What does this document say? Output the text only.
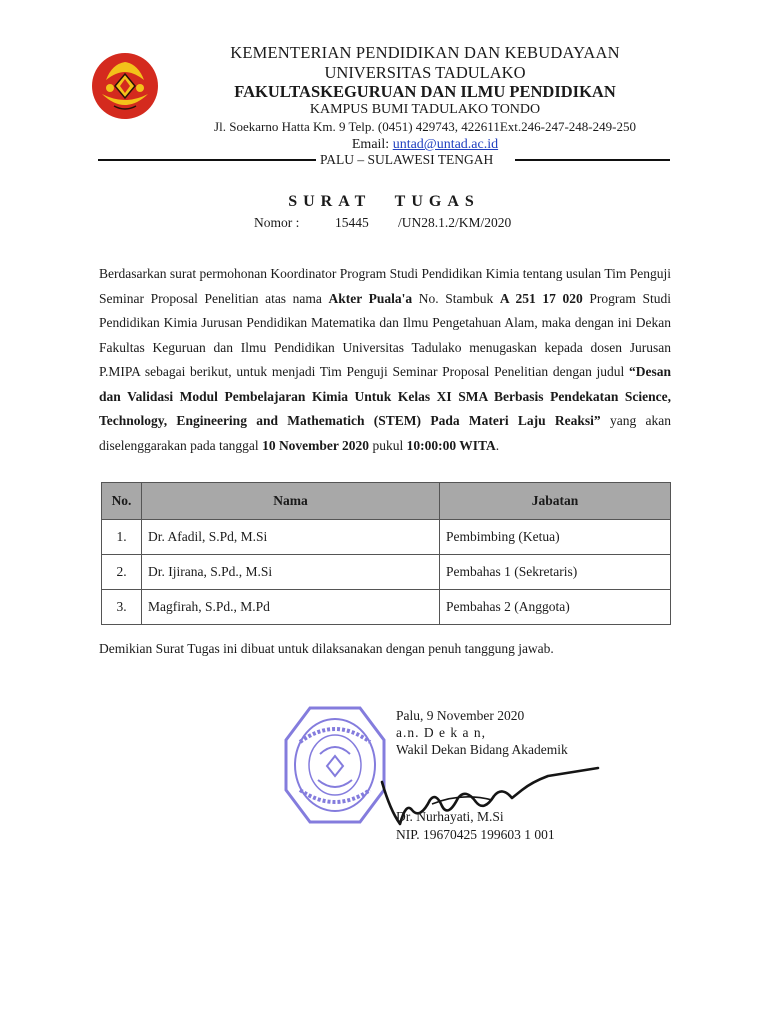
KEMENTERIAN PENDIDIKAN DAN KEBUDAYAAN
UNIVERSITAS TADULAKO
FAKULTASKEGURUAN DAN ILMU PENDIDIKAN
KAMPUS BUMI TADULAKO TONDO
Jl. Soekarno Hatta Km. 9 Telp. (0451) 429743, 422611Ext.246-247-248-249-250
Email: untad@untad.ac.id
PALU – SULAWESI TENGAH
SURAT TUGAS
Nomor :	15445 /UN28.1.2/KM/2020

Berdasarkan surat permohonan Koordinator Program Studi Pendidikan Kimia tentang usulan Tim Penguji Seminar Proposal Penelitian atas nama Akter Puala'a No. Stambuk A 251 17 020 Program Studi Pendidikan Kimia Jurusan Pendidikan Matematika dan Ilmu Pengetahuan Alam, maka dengan ini Dekan Fakultas Keguruan dan Ilmu Pendidikan Universitas Tadulako menugaskan kepada dosen Jurusan P.MIPA sebagai berikut, untuk menjadi Tim Penguji Seminar Proposal Penelitian dengan judul “Desan dan Validasi Modul Pembelajaran Kimia Untuk Kelas XI SMA Berbasis Pendekatan Science, Technology, Engineering and Mathematich (STEM) Pada Materi Laju Reaksi” yang akan diselenggarakan pada tanggal 10 November 2020 pukul 10:00:00 WITA.

No.	Nama	Jabatan
1.	Dr. Afadil, S.Pd, M.Si	Pembimbing (Ketua)
2.	Dr. Ijirana, S.Pd., M.Si	Pembahas 1 (Sekretaris)
3.	Magfirah, S.Pd., M.Pd	Pembahas 2 (Anggota)
Demikian Surat Tugas ini dibuat untuk dilaksanakan dengan penuh tanggung jawab.
Palu, 9 November 2020
a.n. D e k a n,
Wakil Dekan Bidang Akademik
Dr. Nurhayati, M.Si
NIP. 19670425 199603 1 001
